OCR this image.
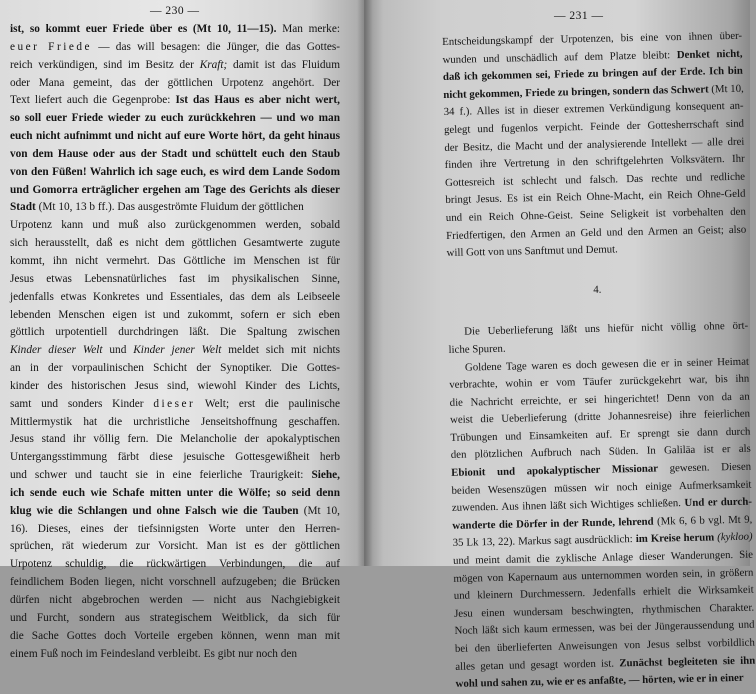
— 230 —
ist, so kommt euer Friede über es (Mt 10, 11—15). Man merke:
euer Friede — das will besagen: die Jünger, die das Gottes-
reich verkündigen, sind im Besitz der Kraft; damit ist das Fluidum
oder Mana gemeint, das der göttlichen Urpotenz angehört. Der
Text liefert auch die Gegenprobe: Ist das Haus es aber nicht wert,
so soll euer Friede wieder zu euch zurückkehren — und wo man
euch nicht aufnimmt und nicht auf eure Worte hört, da geht hinaus
von dem Hause oder aus der Stadt und schüttelt euch den Staub
von den Füßen! Wahrlich ich sage euch, es wird dem Lande Sodom
und Gomorra erträglicher ergehen am Tage des Gerichts als dieser
Stadt (Mt 10, 13 b ff.). Das ausgeströmte Fluidum der göttlichen
Urpotenz kann und muß also zurückgenommen werden, sobald
sich herausstellt, daß es nicht dem göttlichen Gesamtwerte zugute
kommt, ihn nicht vermehrt. Das Göttliche im Menschen ist für
Jesus etwas Lebensnatürliches fast im physikalischen Sinne,
jedenfalls etwas Konkretes und Essentiales, das dem als Leibseele
lebenden Menschen eigen ist und zukommt, sofern er sich eben
göttlich urpotentiell durchdringen läßt. Die Spaltung zwischen
Kinder dieser Welt und Kinder jener Welt meldet sich mit nichts
an in der vorpaulinischen Schicht der Synoptiker. Die Gottes-
kinder des historischen Jesus sind, wiewohl Kinder des Lichts,
samt und sonders Kinder dieser Welt; erst die paulinische
Mittlermystik hat die urchristliche Jenseitshoffnung geschaffen.
Jesus stand ihr völlig fern. Die Melancholie der apokalyptischen
Untergangsstimmung färbt diese jesuische Gottesgewißheit herb
und schwer und taucht sie in eine feierliche Traurigkeit: Siehe,
ich sende euch wie Schafe mitten unter die Wölfe; so seid denn
klug wie die Schlangen und ohne Falsch wie die Tauben (Mt 10,
16). Dieses, eines der tiefsinnigsten Worte unter den Herren-
sprüchen, rät wiederum zur Vorsicht. Man ist es der göttlichen
Urpotenz schuldig, die rückwärtigen Verbindungen, die auf
feindlichem Boden liegen, nicht vorschnell aufzugeben; die Brücken
dürfen nicht abgebrochen werden — nicht aus Nachgiebigkeit
und Furcht, sondern aus strategischem Weitblick, da sich für
die Sache Gottes doch Vorteile ergeben können, wenn man mit
einem Fuß noch im Feindesland verbleibt. Es gibt nur noch den
— 231 —
Entscheidungskampf der Urpotenzen, bis eine von ihnen über-
wunden und unschädlich auf dem Platze bleibt: Denket nicht,
daß ich gekommen sei, Friede zu bringen auf der Erde. Ich bin
nicht gekommen, Friede zu bringen, sondern das Schwert (Mt 10,
34 f.). Alles ist in dieser extremen Verkündigung konsequent an-
gelegt und fugenlos verpicht. Feinde der Gottesherrschaft sind
der Besitz, die Macht und der analysierende Intellekt — alle drei
finden ihre Vertretung in den schriftgelehrten Volksvätern. Ihr
Gottesreich ist schlecht und falsch. Das rechte und redliche
bringt Jesus. Es ist ein Reich Ohne-Macht, ein Reich Ohne-Geld
und ein Reich Ohne-Geist. Seine Seligkeit ist vorbehalten den
Friedfertigen, den Armen an Geld und den Armen an Geist; also
will Gott von uns Sanftmut und Demut.
4.
Die Ueberlieferung läßt uns hiefür nicht völlig ohne ört-
liche Spuren.
Goldene Tage waren es doch gewesen die er in seiner Heimat
verbrachte, wohin er vom Täufer zurückgekehrt war, bis ihn
die Nachricht erreichte, er sei hingerichtet! Denn von da an
weist die Ueberlieferung (dritte Johannesreise) ihre feierlichen
Trübungen und Einsamkeiten auf. Er sprengt sie dann durch
den plötzlichen Aufbruch nach Süden. In Galiläa ist er als
Ebionit und apokalyptischer Missionar gewesen. Diesen
beiden Wesenszügen müssen wir noch einige Aufmerksamkeit
zuwenden. Aus ihnen läßt sich Wichtiges schließen. Und er durch-
wanderte die Dörfer in der Runde, lehrend (Mk 6, 6 b vgl. Mt 9,
35 Lk 13, 22). Markus sagt ausdrücklich: im Kreise herum (kykloo)
und meint damit die zyklische Anlage dieser Wanderungen. Sie
mögen von Kapernaum aus unternommen worden sein, in größern
und kleinern Durchmessern. Jedenfalls erhielt die Wirksamkeit
Jesu einen wundersam beschwingten, rhythmischen Charakter.
Noch läßt sich kaum ermessen, was bei der Jüngeraussendung und
bei den überlieferten Anweisungen von Jesus selbst vorbildlich
alles getan und gesagt worden ist. Zunächst begleiteten sie ihn
wohl und sahen zu, wie er es anfaßte, — hörten, wie er in einer
